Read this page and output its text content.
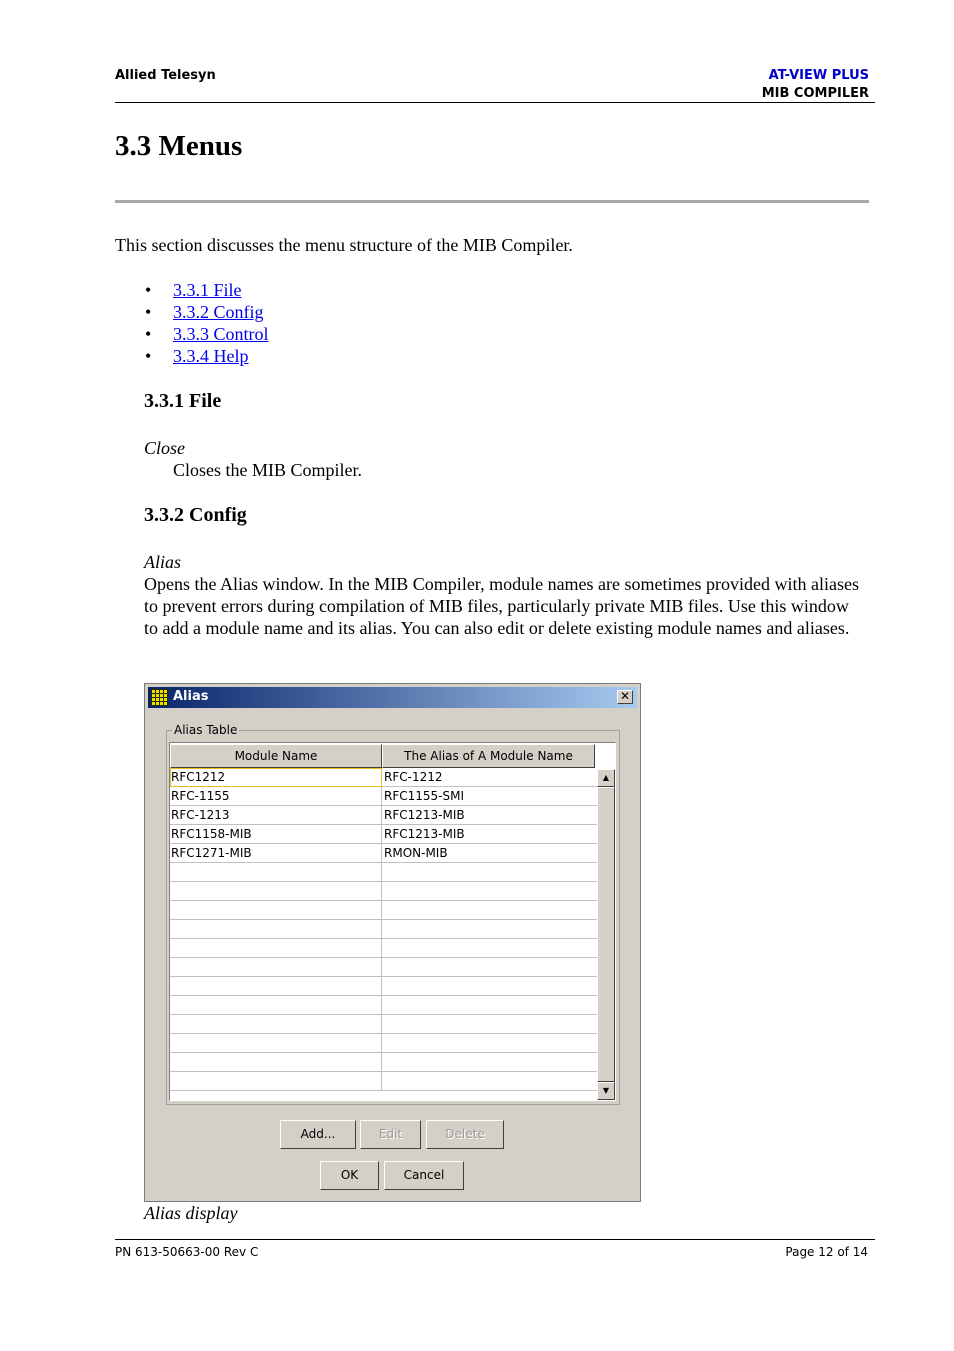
Allied Telesyn	AT-VIEW PLUS
MIB COMPILER
3.3 Menus
This section discusses the menu structure of the MIB Compiler.
• 3.3.1 File
• 3.3.2 Config
• 3.3.3 Control
• 3.3.4 Help
3.3.1 File
Close
Closes the MIB Compiler.
3.3.2 Config
Alias
Opens the Alias window. In the MIB Compiler, module names are sometimes provided with aliases to prevent errors during compilation of MIB files, particularly private MIB files. Use this window to add a module name and its alias. You can also edit or delete existing module names and aliases.
Alias	✕
Alias Table
Module Name	The Alias of A Module Name
RFC1212	RFC-1212
RFC-1155	RFC1155-SMI
RFC-1213	RFC1213-MIB
RFC1158-MIB	RFC1213-MIB
RFC1271-MIB	RMON-MIB
▲
▼
Add...	Edit	Delete
OK	Cancel
Alias display
PN 613-50663-00 Rev C	Page 12 of 14
